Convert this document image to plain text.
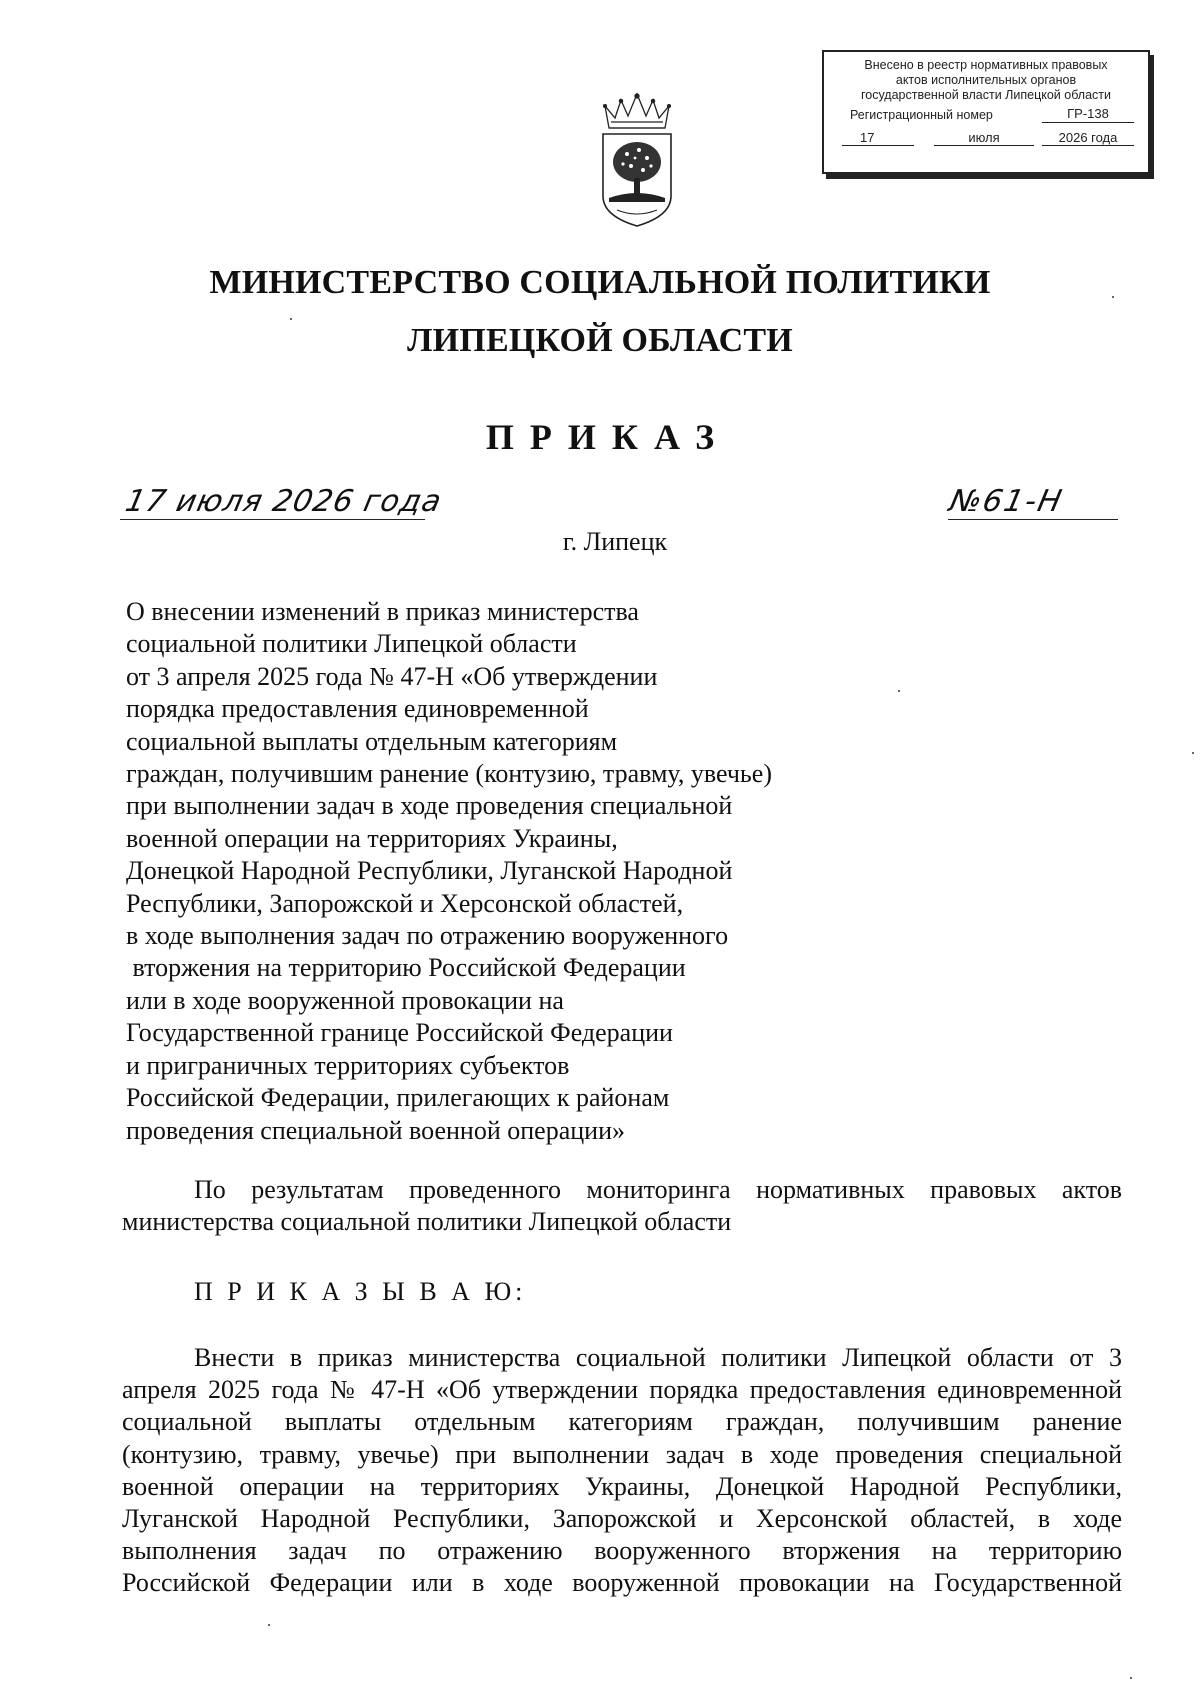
Внесено в реестр нормативных правовых
актов исполнительных органов
государственной власти Липецкой области
Регистрационный номер	ГР-138
17	июля	2026 года
МИНИСТЕРСТВО СОЦИАЛЬНОЙ ПОЛИТИКИ
ЛИПЕЦКОЙ ОБЛАСТИ
ПРИКАЗ
17 июля 2026 года	№61-Н
г. Липецк
О внесении изменений в приказ министерства
социальной политики Липецкой области
от 3 апреля 2025 года № 47-Н «Об утверждении
порядка предоставления единовременной
социальной выплаты отдельным категориям
граждан, получившим ранение (контузию, травму, увечье)
при выполнении задач в ходе проведения специальной
военной операции на территориях Украины,
Донецкой Народной Республики, Луганской Народной
Республики, Запорожской и Херсонской областей,
в ходе выполнения задач по отражению вооруженного
вторжения на территорию Российской Федерации
или в ходе вооруженной провокации на
Государственной границе Российской Федерации
и приграничных территориях субъектов
Российской Федерации, прилегающих к районам
проведения специальной военной операции»
По результатам проведенного мониторинга нормативных правовых актов
министерства социальной политики Липецкой области
П Р И К А З Ы В А Ю:
Внести в приказ министерства социальной политики Липецкой области от 3
апреля 2025 года № 47-Н «Об утверждении порядка предоставления единовременной
социальной выплаты отдельным категориям граждан, получившим ранение
(контузию, травму, увечье) при выполнении задач в ходе проведения специальной
военной операции на территориях Украины, Донецкой Народной Республики,
Луганской Народной Республики, Запорожской и Херсонской областей, в ходе
выполнения задач по отражению вооруженного вторжения на территорию
Российской Федерации или в ходе вооруженной провокации на Государственной
